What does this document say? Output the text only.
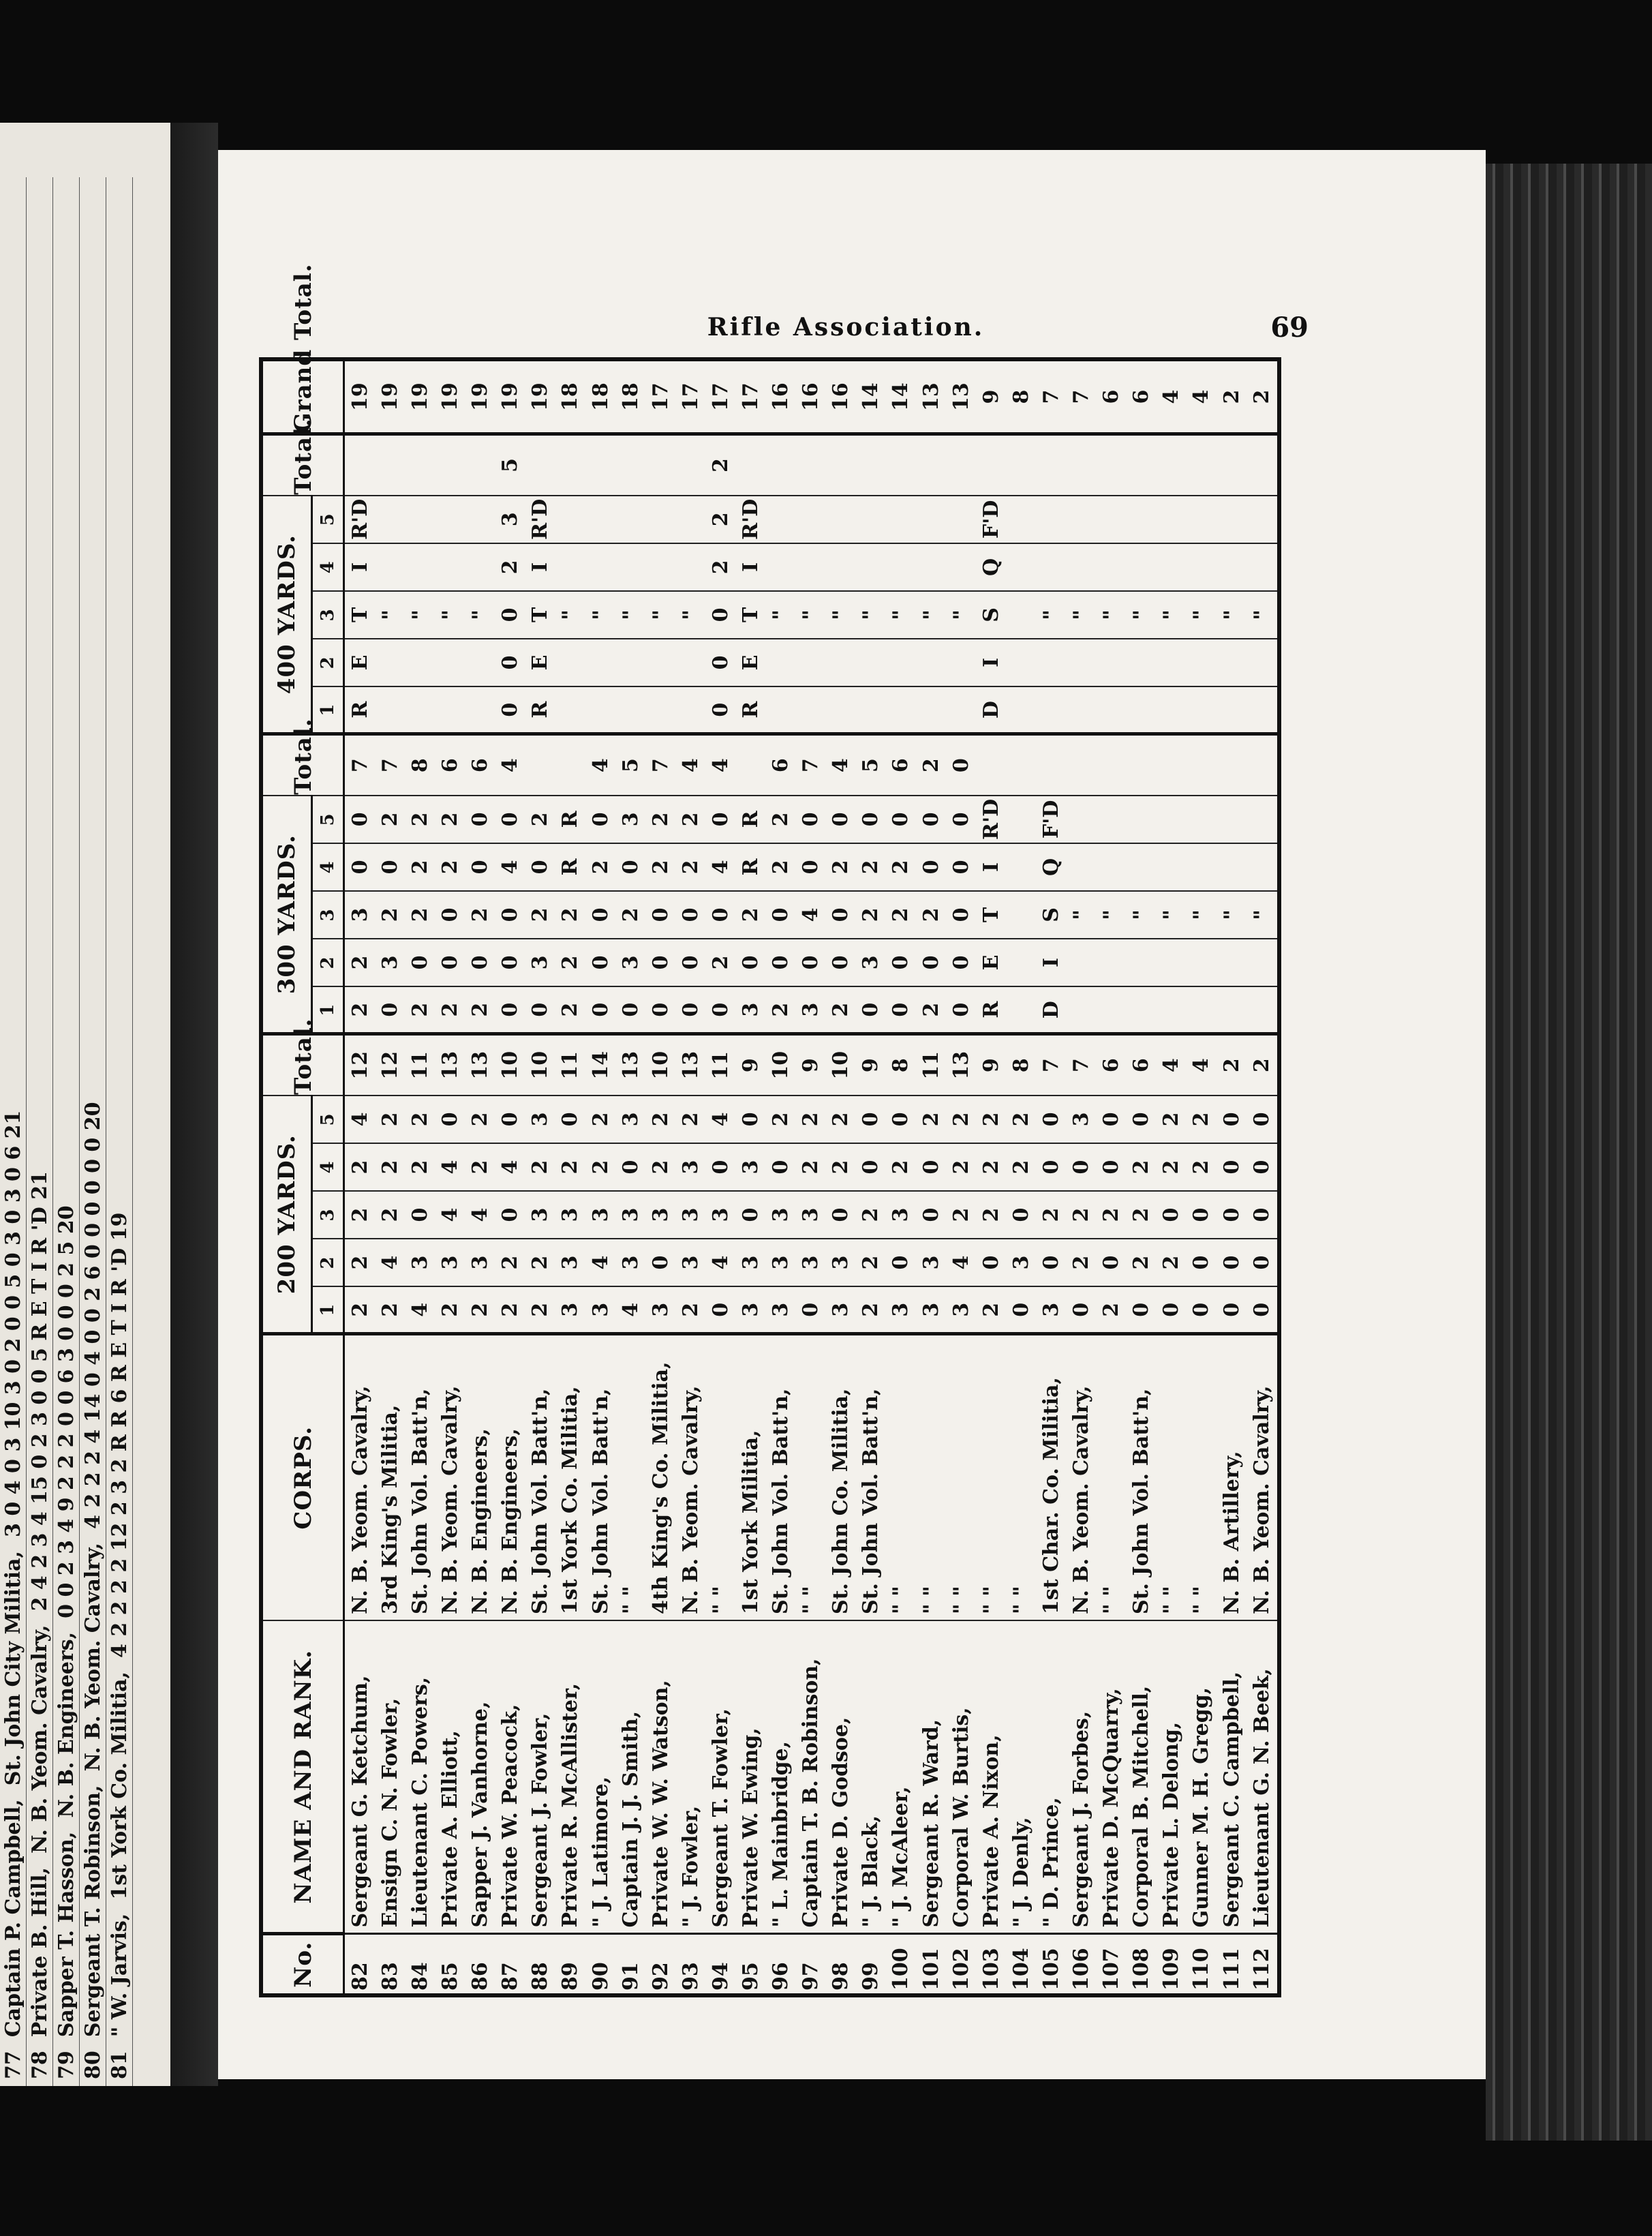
77
Captain P. Campbell,
St. John City Militia,
3 0 4 0 3 10 3 0 2 0 0 5 0 3 0 3 0 6 21
78
Private B. Hill,
N. B. Yeom. Cavalry,
2 4 2 3 4 15 0 2 3 0 0 5 R E T I R 'D 21
79
Sapper T. Hasson,
N. B. Engineers,
0 0 2 3 4 9 2 2 2 0 0 6 3 0 0 0 2 5 20
80
Sergeant T. Robinson,
N. B. Yeom. Cavalry,
4 2 2 2 4 14 0 4 0 0 2 6 0 0 0 0 0 0 20
81
" W. Jarvis,
1st York Co. Militia,
4 2 2 2 2 12 2 3 2 R R 6 R E T I R 'D 19
Rifle Association.	69
No.	NAME AND RANK.	CORPS.	200 YARDS.					Total.	300 YARDS.					Total.	400 YARDS.					Total.	
			1	2	3	4	5		1	2	3	4	5		1	2	3	4	5		
82	Sergeant G. Ketchum,	N. B. Yeom. Cavalry,	2	2	2	2	4	12	2	2	3	0	0	7	R	E	T	I	R'D		19
83	Ensign C. N. Fowler,	3rd King's Militia,	2	4	2	2	2	12	0	3	2	0	2	7			"				19
84	Lieutenant C. Powers,	St. John Vol. Batt'n,	4	3	0	2	2	11	2	0	2	2	2	8			"				19
85	Private A. Elliott,	N. B. Yeom. Cavalry,	2	3	4	4	0	13	2	0	0	2	2	6			"				19
86	Sapper J. Vanhorne,	N. B. Engineers,	2	3	4	2	2	13	2	0	2	0	0	6			"				19
87	Private W. Peacock,	N. B. Engineers,	2	2	0	4	0	10	0	0	0	4	0	4	0	0	0	2	3	5	19
88	Sergeant J. Fowler,	St. John Vol. Batt'n,	2	2	3	2	3	10	0	3	2	0	2		R	E	T	I	R'D		19
89	Private R. McAllister,	1st York Co. Militia,	3	3	3	2	0	11	2	2	2	R	R				"				18
90	" J. Latimore,	St. John Vol. Batt'n,	3	4	3	2	2	14	0	0	0	2	0	4			"				18
91	Captain J. J. Smith,	" "	4	3	3	0	3	13	0	3	2	0	3	5			"				18
92	Private W. W. Watson,	4th King's Co. Militia,	3	0	3	2	2	10	0	0	0	2	2	7			"				17
93	" J. Fowler,	N. B. Yeom. Cavalry,	2	3	3	3	2	13	0	0	0	2	2	4			"				17
94	Sergeant T. Fowler,	" "	0	4	3	0	4	11	0	2	0	4	0	4	0	0	0	2	2	2	17
95	Private W. Ewing,	1st York Militia,	3	3	0	3	0	9	3	0	2	R	R		R	E	T	I	R'D		17
96	" L. Mainbridge,	St. John Vol. Batt'n,	3	3	3	0	2	10	2	0	0	2	2	6			"				16
97	Captain T. B. Robinson,	" "	0	3	3	2	2	9	3	0	4	0	0	7			"				16
98	Private D. Godsoe,	St. John Co. Militia,	3	3	0	2	2	10	2	0	0	2	0	4			"				16
99	" J. Black,	St. John Vol. Batt'n,	2	2	2	0	0	9	0	3	2	2	0	5			"				14
100	" J. McAleer,	" "	3	0	3	2	0	8	0	0	2	2	0	6			"				14
101	Sergeant R. Ward,	" "	3	3	0	0	2	11	2	0	2	0	0	2			"				13
102	Corporal W. Burtis,	" "	3	4	2	2	2	13	0	0	0	0	0	0			"				13
103	Private A. Nixon,	" "	2	0	2	2	2	9	R	E	T	I	R'D		D	I	S	Q	F'D		9
104	" J. Denly,	" "	0	3	0	2	2	8													8
105	" D. Prince,	1st Char. Co. Militia,	3	0	2	0	0	7	D	I	S	Q	F'D				"				7
106	Sergeant J. Forbes,	N. B. Yeom. Cavalry,	0	2	2	0	3	7			"						"				7
107	Private D. McQuarry,	" "	2	0	2	0	0	6			"						"				6
108	Corporal B. Mitchell,	St. John Vol. Batt'n,	0	2	2	2	0	6			"						"				6
109	Private L. Delong,	" "	0	2	0	2	2	4			"						"				4
110	Gunner M. H. Gregg,	" "	0	0	0	2	2	4			"						"				4
111	Sergeant C. Campbell,	N. B. Artillery,	0	0	0	0	0	2			"						"				2
112	Lieutenant G. N. Beek,	N. B. Yeom. Cavalry,	0	0	0	0	0	2			"						"				2
